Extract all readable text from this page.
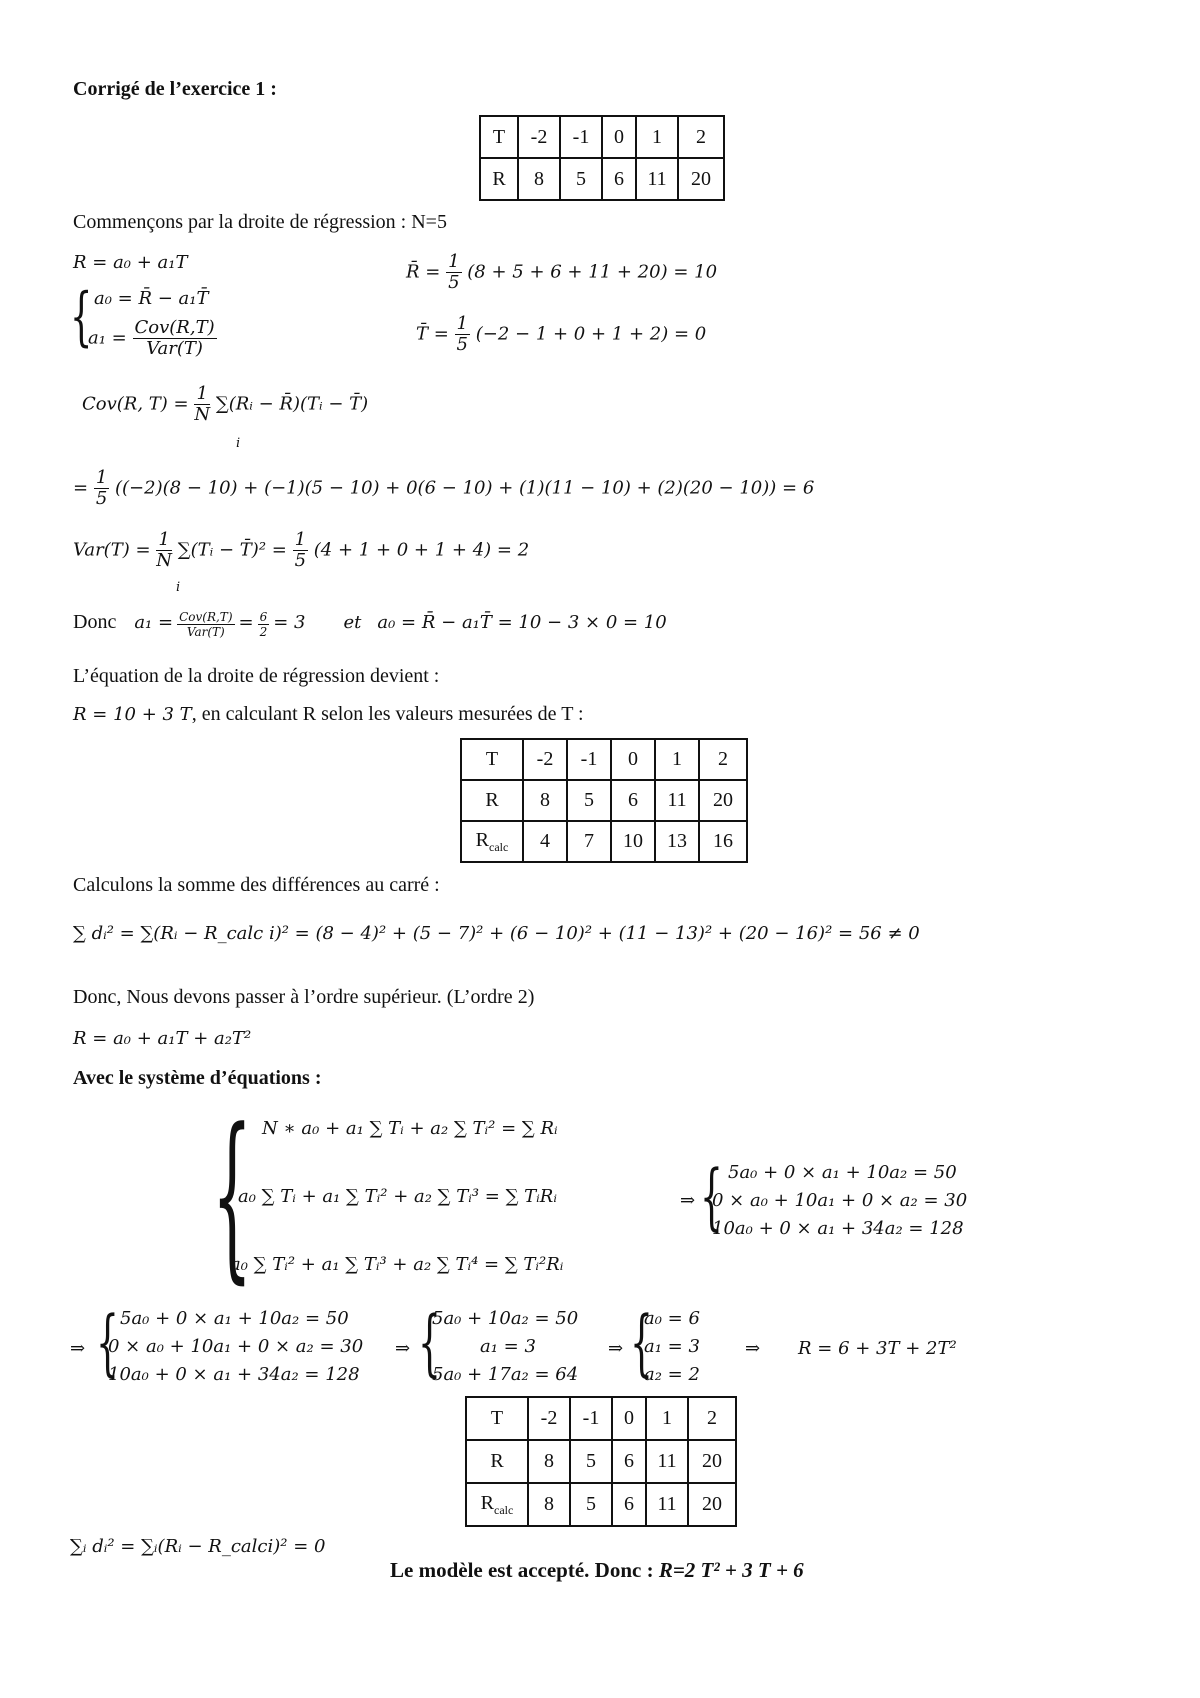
Corrigé de l’exercice 1 :
T	-2	-1	0	1	2
R	8	5	6	11	20
Commençons par la droite de régression : N=5
R = a₀ + a₁T
{ a₀ = R̄ − a₁T̄
$a_1 = \frac{\text{Cov(R,T)}}{\text{Var(T)}}$
R̄ = $\frac{1}{5} (8 + 5 + 6 + 11 + 20) = 10$
T̄ = $\frac{1}{5} (-2 - 1 + 0 + 1 + 2) = 0$
Cov(R, $T) = \frac{1}{N}$ ∑(Rᵢ − R̄)(Tᵢ − T̄)
i
= $\frac{1}{5} ((-2)(8 - 10) + (-1)(5 - 10) + 0(6 - 10) + (1)(11 - 10) + (2)(20 - 10)) = 6$
$Var(T) = \frac{1}{N}$ ∑(Tᵢ − T̄)² = $\frac{1}{5} (4 + 1 + 0 + 1 + 4) = 2$
i
Donc $a_1 = \frac{\text{Cov(R,T)}}{\text{Var(T)}} = \frac{6}{2} = 3$ et a₀ = R̄ − a₁T̄ = 10 − 3 × 0 = 10
L’équation de la droite de régression devient :
R = 10 + 3 T, en calculant R selon les valeurs mesurées de T :
T	-2	-1	0	1	2
R	8	5	6	11	20
$R_{calc}$	4	7	10	13	16
Calculons la somme des différences au carré :
∑ dᵢ² = ∑(Rᵢ − R_calc i)² = (8 − 4)² + (5 − 7)² + (6 − 10)² + (11 − 13)² + (20 − 16)² = 56 ≠ 0
Donc, Nous devons passer à l’ordre supérieur. (L’ordre 2)
R = a₀ + a₁T + a₂T²
Avec le système d’équations :
{ N ∗ a₀ + a₁ ∑ Tᵢ + a₂ ∑ Tᵢ² = ∑ Rᵢ
a₀ ∑ Tᵢ + a₁ ∑ Tᵢ² + a₂ ∑ Tᵢ³ = ∑ TᵢRᵢ
a₀ ∑ Tᵢ² + a₁ ∑ Tᵢ³ + a₂ ∑ Tᵢ⁴ = ∑ Tᵢ²Rᵢ
⇒ { 5a₀ + 0 × a₁ + 10a₂ = 50
0 × a₀ + 10a₁ + 0 × a₂ = 30
10a₀ + 0 × a₁ + 34a₂ = 128
⇒ { 5a₀ + 0 × a₁ + 10a₂ = 50
0 × a₀ + 10a₁ + 0 × a₂ = 30
10a₀ + 0 × a₁ + 34a₂ = 128
⇒ {
5a₀ + 10a₂ = 50
a₁ = 3
5a₀ + 17a₂ = 64
⇒ {
a₀ = 6
a₁ = 3
a₂ = 2
⇒ R = 6 + 3T + 2T²
T	-2	-1	0	1	2
R	8	5	6	11	20
$R_{calc}$	8	5	6	11	20
∑ᵢ dᵢ² = ∑ᵢ(Rᵢ − R_calci)² = 0
Le modèle est accepté. Donc : R=2 T² + 3 T + 6
